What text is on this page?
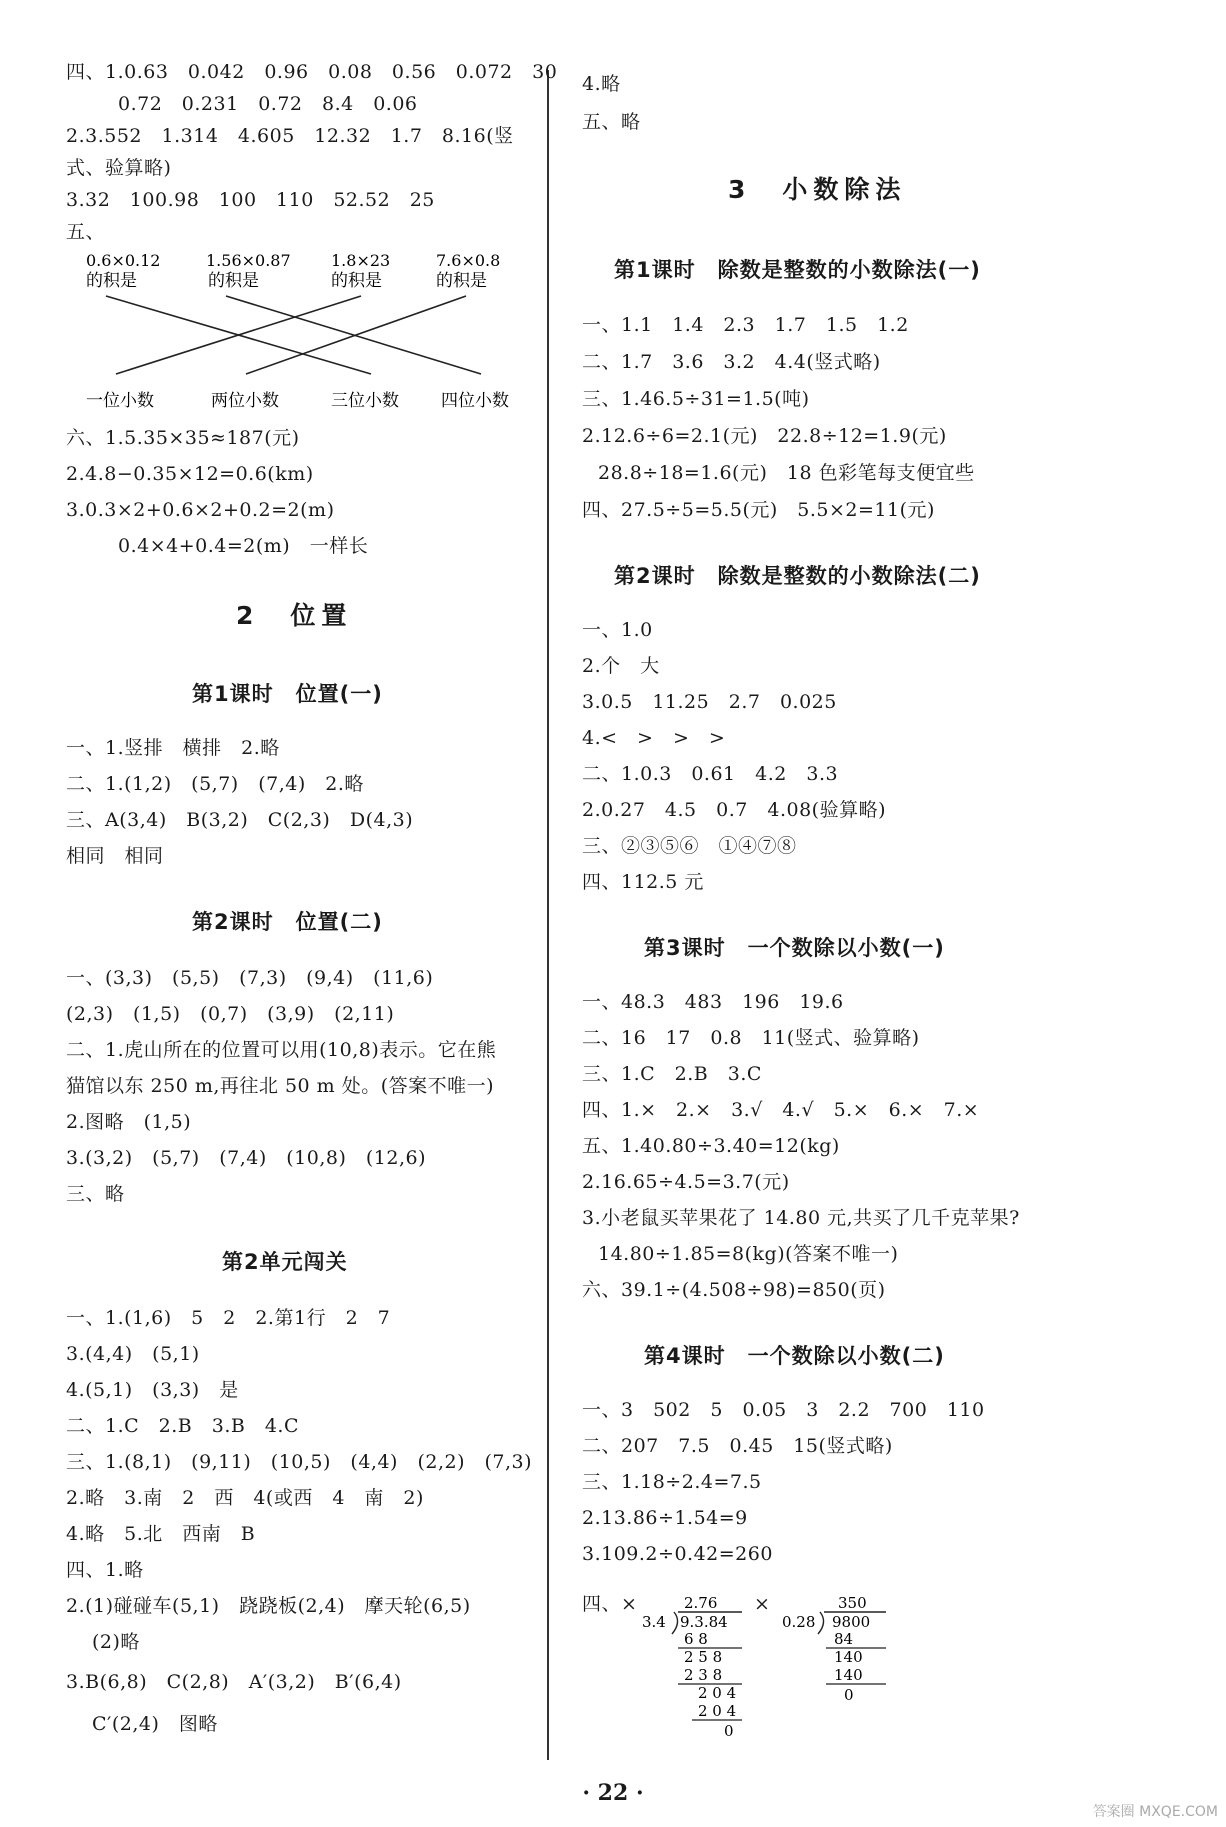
四、1.0.63　0.042　0.96　0.08　0.56　0.072　30
0.72　0.231　0.72　8.4　0.06
2.3.552　1.314　4.605　12.32　1.7　8.16(竖
式、验算略)
3.32　100.98　100　110　52.52　25
五、
0.6×0.12
的积是
1.56×0.87
的积是
1.8×23
的积是
7.6×0.8
的积是
一位小数	两位小数	三位小数 四位小数
六、1.5.35×35≈187(元)
2.4.8−0.35×12=0.6(km)
3.0.3×2+0.6×2+0.2=2(m)
0.4×4+0.4=2(m)　一样长
2　位置
第1课时　位置(一)
一、1.竖排　横排　2.略
二、1.(1,2)　(5,7)　(7,4)　2.略
三、A(3,4)　B(3,2)　C(2,3)　D(4,3)
相同　相同
第2课时　位置(二)
一、(3,3)　(5,5)　(7,3)　(9,4)　(11,6)
(2,3)　(1,5)　(0,7)　(3,9)　(2,11)
二、1.虎山所在的位置可以用(10,8)表示。它在熊
猫馆以东 250 m,再往北 50 m 处。(答案不唯一)
2.图略　(1,5)
3.(3,2)　(5,7)　(7,4)　(10,8)　(12,6)
三、略
第2单元闯关
一、1.(1,6)　5　2　2.第1行　2　7
3.(4,4)　(5,1)
4.(5,1)　(3,3)　是
二、1.C　2.B　3.B　4.C
三、1.(8,1)　(9,11)　(10,5)　(4,4)　(2,2)　(7,3)
2.略　3.南　2　西　4(或西　4　南　2)
4.略　5.北　西南　B
四、1.略
2.(1)碰碰车(5,1)　跷跷板(2,4)　摩天轮(6,5)
(2)略
3.B(6,8)　C(2,8)　A′(3,2)　B′(6,4)
C′(2,4)　图略
4.略
五、略
3　小数除法
第1课时　除数是整数的小数除法(一)
一、1.1　1.4　2.3　1.7　1.5　1.2
二、1.7　3.6　3.2　4.4(竖式略)
三、1.46.5÷31=1.5(吨)
2.12.6÷6=2.1(元)　22.8÷12=1.9(元)
28.8÷18=1.6(元)　18 色彩笔每支便宜些
四、27.5÷5=5.5(元)　5.5×2=11(元)
第2课时　除数是整数的小数除法(二)
一、1.0
2.个　大
3.0.5　11.25　2.7　0.025
4.<　>　>　>
二、1.0.3　0.61　4.2　3.3
2.0.27　4.5　0.7　4.08(验算略)
三、②③⑤⑥　①④⑦⑧
四、112.5 元
第3课时　一个数除以小数(一)
一、48.3　483　196　19.6
二、16　17　0.8　11(竖式、验算略)
三、1.C　2.B　3.C
四、1.×　2.×　3.√　4.√　5.×　6.×　7.×
五、1.40.80÷3.40=12(kg)
2.16.65÷4.5=3.7(元)
3.小老鼠买苹果花了 14.80 元,共买了几千克苹果?
14.80÷1.85=8(kg)(答案不唯一)
六、39.1÷(4.508÷98)=850(页)
第4课时　一个数除以小数(二)
一、3　502　5　0.05　3　2.2　700　110
二、207　7.5　0.45　15(竖式略)
三、1.18÷2.4=7.5
2.13.86÷1.54=9
3.109.2÷0.42=260
四、×	×
2.76
3.4 9.3.84
6 8
2 5 8
2 3 8
2 0 4
2 0 4
0
350
0.28 9800
84
140
140
0
· 22 ·
答案圈 MXQE.COM
